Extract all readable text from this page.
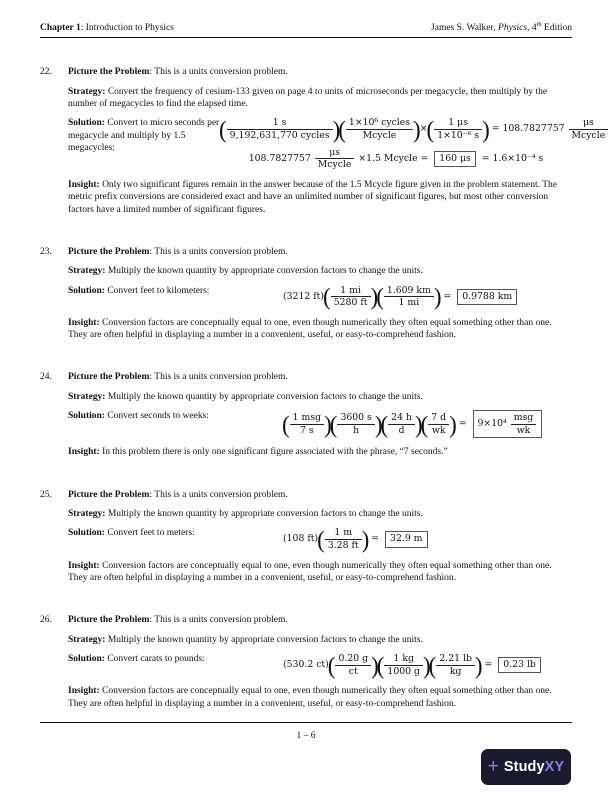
Chapter 1: Introduction to Physics	James S. Walker, Physics, 4th Edition
22.	Picture the Problem: This is a units conversion problem.

Strategy: Convert the frequency of cesium-133 given on page 4 to units of microseconds per megacycle, then multiply by the number of megacycles to find the elapsed time.

Solution: Convert to micro seconds per megacycle and multiply by 1.5 megacycles:
( $\frac{1 s}{\text{9,192,631,770 cycles}}$ )
( $\frac{\text{1×10⁶ cycles}}{\text{Mcycle}}$ ) × ( $\frac{1 \mu s}{\text{1×10⁻⁶ s}}$ ) = $108.7827757 \frac{\mu s}{\text{Mcycle}}$
$108.7827757 \frac{\mu s}{\text{Mcycle}} \times 1.5$ Mcycle = 160 μs = 1.6×10⁻⁴ s

Insight: Only two significant figures remain in the answer because of the 1.5 Mcycle figure given in the problem statement. The metric prefix conversions are considered exact and have an unlimited number of significant figures, but most other conversion factors have a limited number of significant figures.

23.	Picture the Problem: This is a units conversion problem.

Strategy: Multiply the known quantity by appropriate conversion factors to change the units.

Solution: Convert feet to kilometers:
(3212 ft) ( $\frac{1 mi}{5280 ft}$ )
( $\frac{1.609 km}{1 mi}$ ) = 0.9788 km

Insight: Conversion factors are conceptually equal to one, even though numerically they often equal something other than one. They are often helpful in displaying a number in a convenient, useful, or easy-to-comprehend fashion.

24.	Picture the Problem: This is a units conversion problem.

Strategy: Multiply the known quantity by appropriate conversion factors to change the units.

Solution: Convert seconds to weeks:	( $\frac{\text{1 msg}}{7 s}$ )
( $\frac{3600 s}{h}$ )
( $\frac{24 h}{d}$ )
( $\frac{7 d}{wk}$ ) = $9\times 10^4 \frac{\text{msg}}{wk}$

Insight: In this problem there is only one significant figure associated with the phrase, “7 seconds.”

25.	Picture the Problem: This is a units conversion problem.

Strategy: Multiply the known quantity by appropriate conversion factors to change the units.

Solution: Convert feet to meters:
(108 ft) ( $\frac{1 m}{3.28 ft}$ ) = 32.9 m

Insight: Conversion factors are conceptually equal to one, even though numerically they often equal something other than one. They are often helpful in displaying a number in a convenient, useful, or easy-to-comprehend fashion.

26.	Picture the Problem: This is a units conversion problem.

Strategy: Multiply the known quantity by appropriate conversion factors to change the units.

Solution: Convert carats to pounds:
(530.2 ct) ( $\frac{0.20 g}{ct}$ )
( $\frac{1 kg}{1000 g}$ )
( $\frac{2.21 lb}{kg}$ ) = 0.23 lb

Insight: Conversion factors are conceptually equal to one, even though numerically they often equal something other than one. They are often helpful in displaying a number in a convenient, useful, or easy-to-comprehend fashion.

1 – 6
+ StudyXY
